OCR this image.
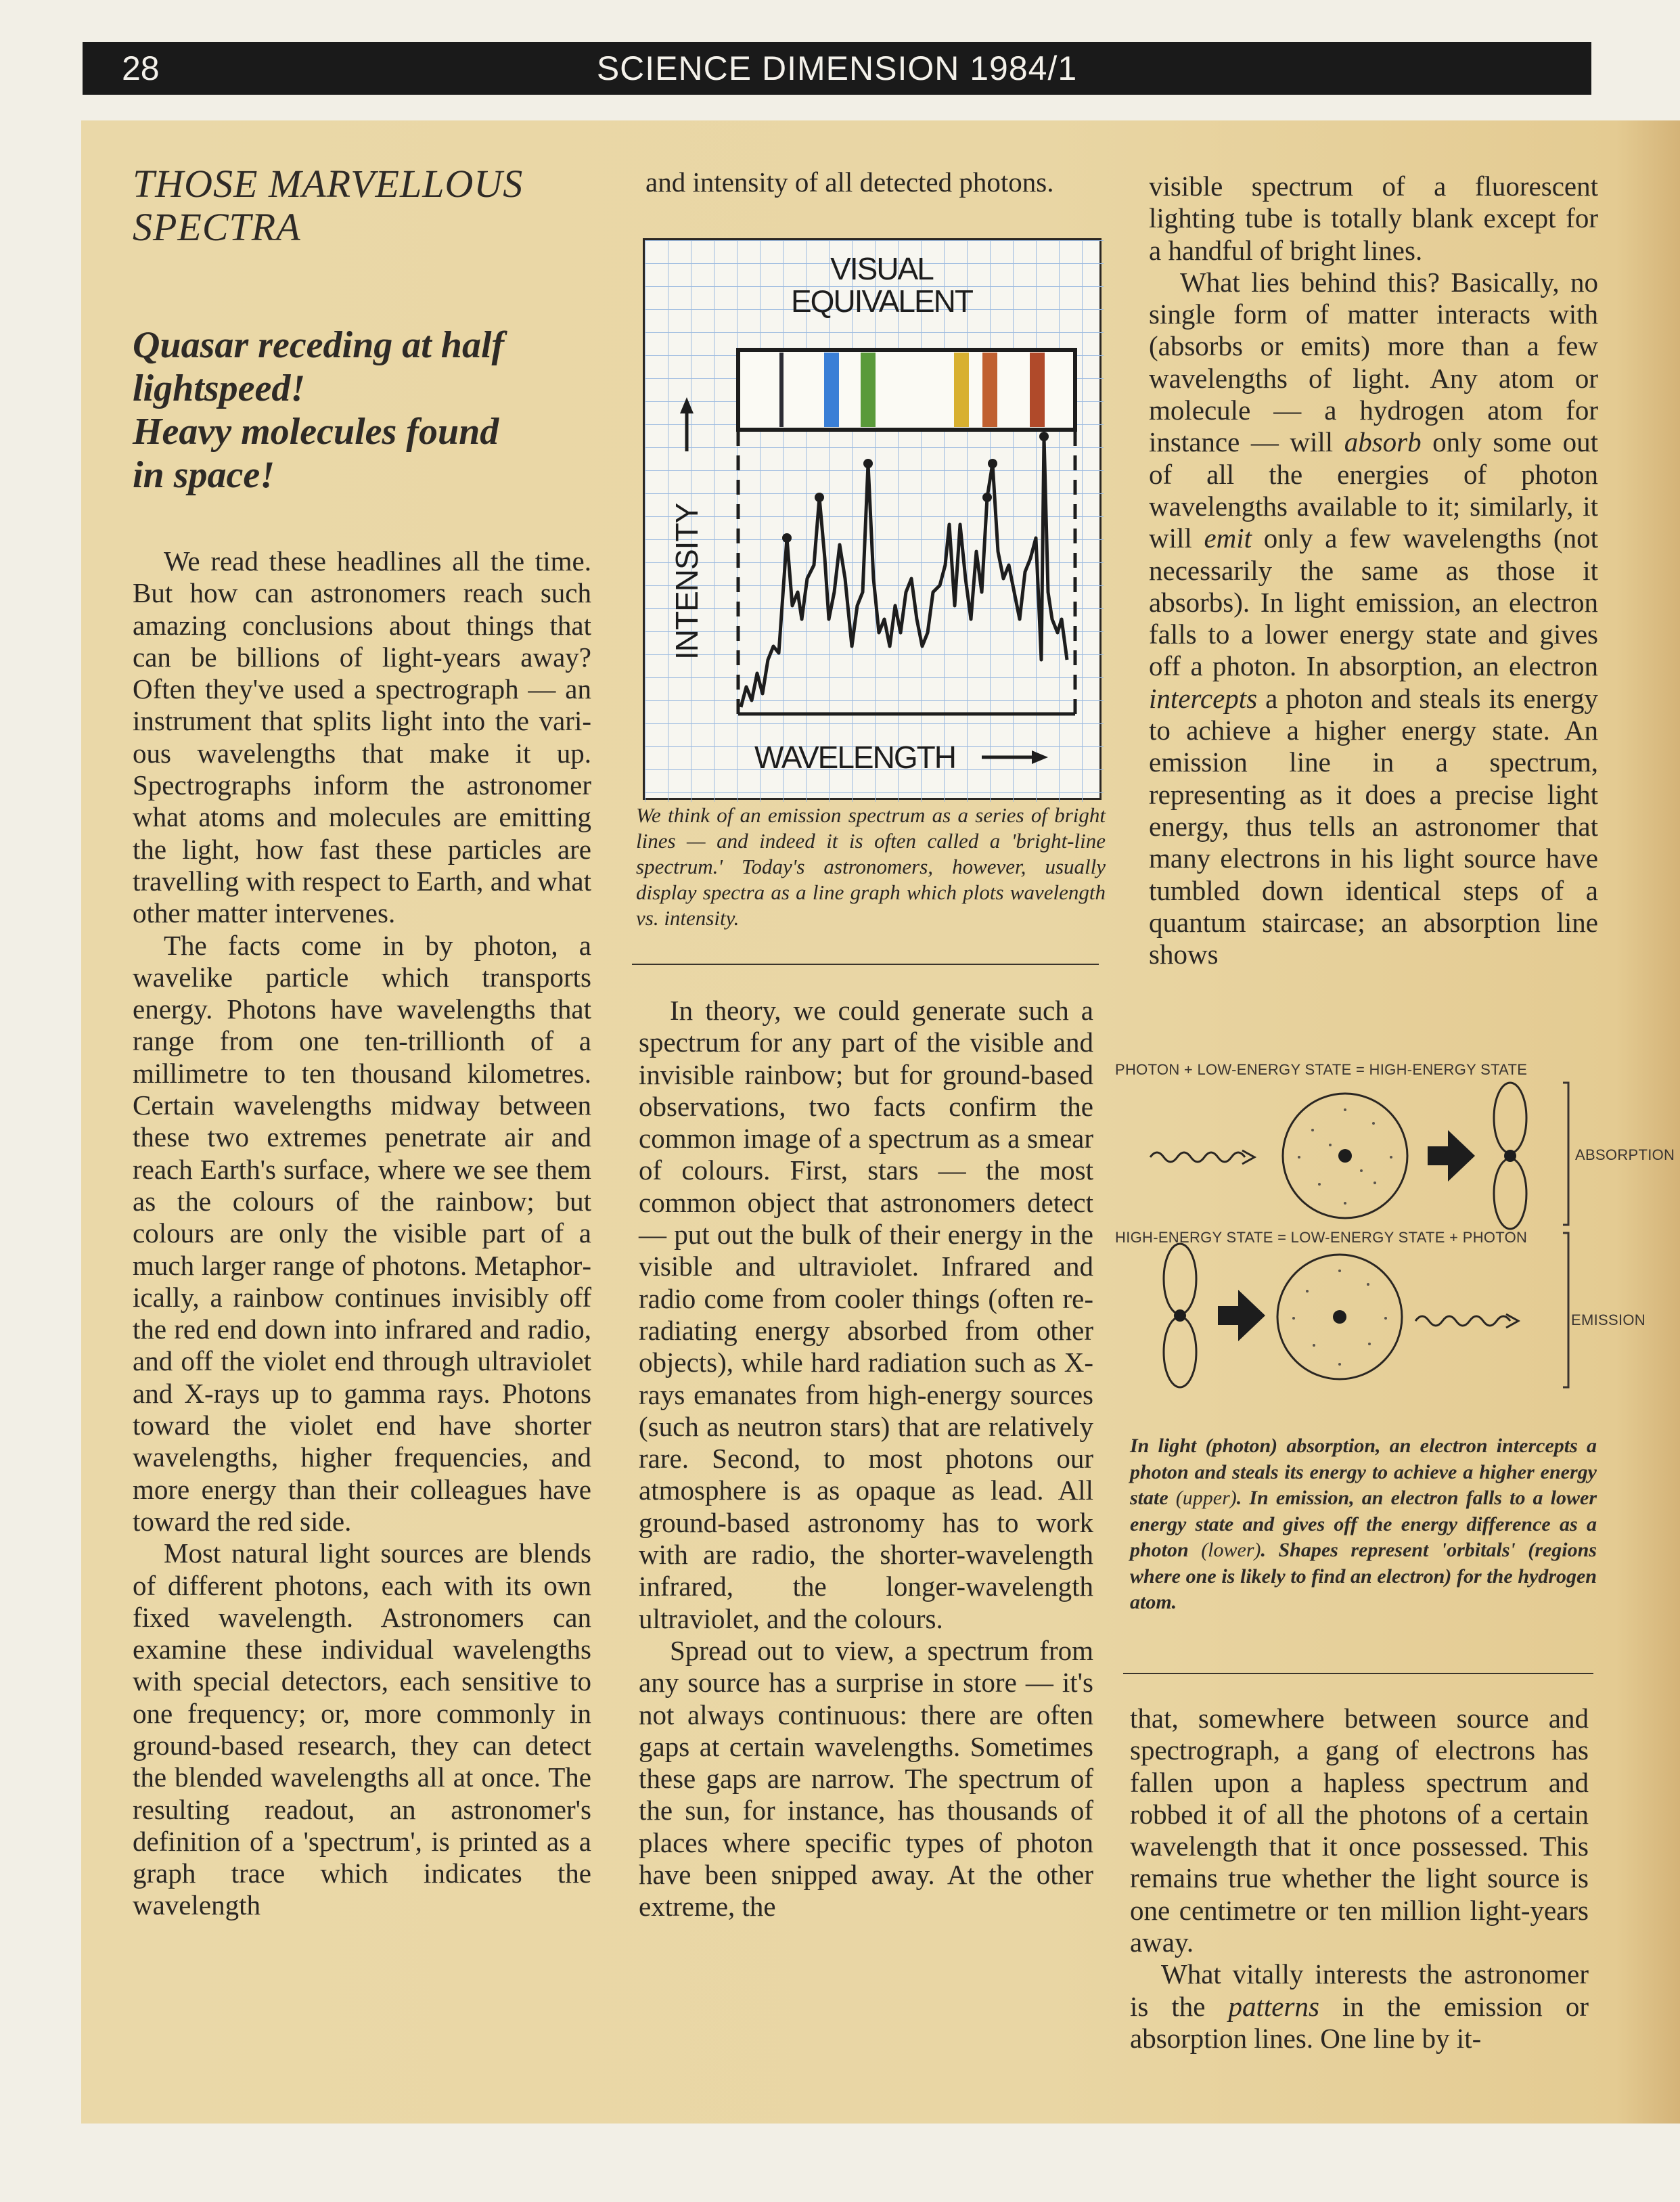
28	SCIENCE DIMENSION 1984/1
THOSE MARVELLOUS
SPECTRA
Quasar receding at half
lightspeed!
Heavy molecules found
in space!

We read these headlines all the time. But how can astronomers reach such amazing conclusions about things that can be billions of light-years away? Often they've used a spectrograph — an instrument that splits light into the various wavelengths that make it up. Spectrographs inform the astronomer what atoms and molecules are emitting the light, how fast these particles are travelling with respect to Earth, and what other matter intervenes.

The facts come in by photon, a wavelike particle which transports energy. Photons have wavelengths that range from one ten-trillionth of a millimetre to ten thousand kilometres. Certain wavelengths midway between these two extremes penetrate air and reach Earth's surface, where we see them as the colours of the rainbow; but colours are only the visible part of a much larger range of photons. Metaphorically, a rainbow continues invisibly off the red end down into infrared and radio, and off the violet end through ultraviolet and X-rays up to gamma rays. Photons toward the violet end have shorter wavelengths, higher frequencies, and more energy than their colleagues have toward the red side.

Most natural light sources are blends of different photons, each with its own fixed wavelength. Astronomers can examine these individual wavelengths with special detectors, each sensitive to one frequency; or, more commonly in ground-based research, they can detect the blended wavelengths all at once. The resulting readout, an astronomer's definition of a 'spectrum', is printed as a graph trace which indicates the wavelength

and intensity of all detected photons.

VISUAL
EQUIVALENT
INTENSITY
WAVELENGTH
We think of an emission spectrum as a series of bright lines — and indeed it is often called a 'bright-line spectrum.' Today's astronomers, however, usually display spectra as a line graph which plots wavelength vs. intensity.

In theory, we could generate such a spectrum for any part of the visible and invisible rainbow; but for ground-based observations, two facts confirm the common image of a spectrum as a smear of colours. First, stars — the most common object that astronomers detect — put out the bulk of their energy in the visible and ultraviolet. Infrared and radio come from cooler things (often reradiating energy absorbed from other objects), while hard radiation such as X-rays emanates from high-energy sources (such as neutron stars) that are relatively rare. Second, to most photons our atmosphere is as opaque as lead. All ground-based astronomy has to work with are radio, the shorter-wavelength infrared, the longer-wavelength ultraviolet, and the colours.

Spread out to view, a spectrum from any source has a surprise in store — it's not always continuous: there are often gaps at certain wavelengths. Sometimes these gaps are narrow. The spectrum of the sun, for instance, has thousands of places where specific types of photon have been snipped away. At the other extreme, the

visible spectrum of a fluorescent lighting tube is totally blank except for a handful of bright lines.

What lies behind this? Basically, no single form of matter interacts with (absorbs or emits) more than a few wavelengths of light. Any atom or molecule — a hydrogen atom for instance — will absorb only some out of all the energies of photon wavelengths available to it; similarly, it will emit only a few wavelengths (not necessarily the same as those it absorbs). In light emission, an electron falls to a lower energy state and gives off a photon. In absorption, an electron intercepts a photon and steals its energy to achieve a higher energy state. An emission line in a spectrum, representing as it does a precise light energy, thus tells an astronomer that many electrons in his light source have tumbled down identical steps of a quantum staircase; an absorption line shows

PHOTON + LOW-ENERGY STATE = HIGH-ENERGY STATE
ABSORPTION
HIGH-ENERGY STATE = LOW-ENERGY STATE + PHOTON
EMISSION
In light (photon) absorption, an electron intercepts a photon and steals its energy to achieve a higher energy state (upper). In emission, an electron falls to a lower energy state and gives off the energy difference as a photon (lower). Shapes represent 'orbitals' (regions where one is likely to find an electron) for the hydrogen atom.

that, somewhere between source and spectrograph, a gang of electrons has fallen upon a hapless spectrum and robbed it of all the photons of a certain wavelength that it once possessed. This remains true whether the light source is one centimetre or ten million light-years away.

What vitally interests the astronomer is the patterns in the emission or absorption lines. One line by it-
